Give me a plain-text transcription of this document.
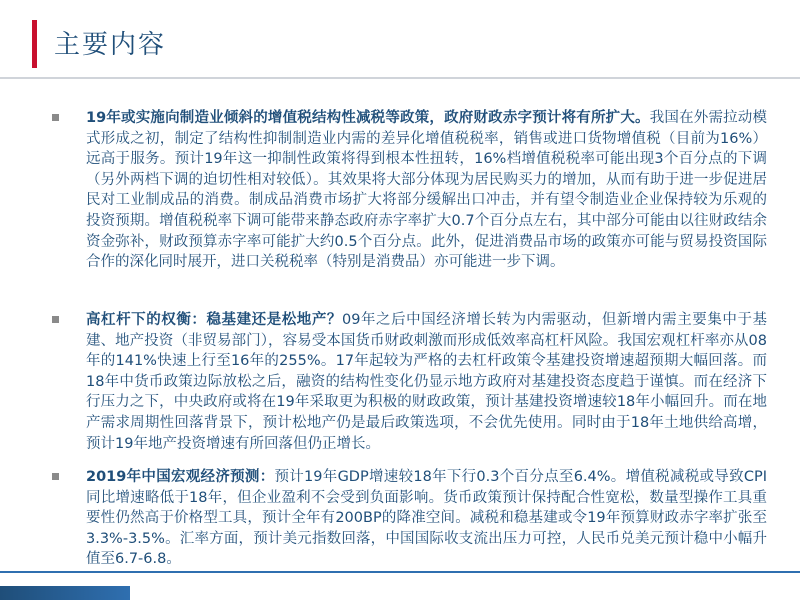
主要内容
19年或实施向制造业倾斜的增值税结构性减税等政策，政府财政赤字预计将有所扩大。我国在外需拉动模式形成之初，制定了结构性抑制制造业内需的差异化增值税税率，销售或进口货物增值税（目前为16%）远高于服务。预计19年这一抑制性政策将得到根本性扭转，16%档增值税税率可能出现3个百分点的下调（另外两档下调的迫切性相对较低）。其效果将大部分体现为居民购买力的增加，从而有助于进一步促进居民对工业制成品的消费。制成品消费市场扩大将部分缓解出口冲击，并有望令制造业企业保持较为乐观的投资预期。增值税税率下调可能带来静态政府赤字率扩大0.7个百分点左右，其中部分可能由以往财政结余资金弥补，财政预算赤字率可能扩大约0.5个百分点。此外，促进消费品市场的政策亦可能与贸易投资国际合作的深化同时展开，进口关税税率（特别是消费品）亦可能进一步下调。
高杠杆下的权衡：稳基建还是松地产？09年之后中国经济增长转为内需驱动，但新增内需主要集中于基建、地产投资（非贸易部门），容易受本国货币财政刺激而形成低效率高杠杆风险。我国宏观杠杆率亦从08年的141%快速上行至16年的255%。17年起较为严格的去杠杆政策令基建投资增速超预期大幅回落。而18年中货币政策边际放松之后，融资的结构性变化仍显示地方政府对基建投资态度趋于谨慎。而在经济下行压力之下，中央政府或将在19年采取更为积极的财政政策，预计基建投资增速较18年小幅回升。而在地产需求周期性回落背景下，预计松地产仍是最后政策选项，不会优先使用。同时由于18年土地供给高增，预计19年地产投资增速有所回落但仍正增长。
2019年中国宏观经济预测：预计19年GDP增速较18年下行0.3个百分点至6.4%。增值税减税或导致CPI同比增速略低于18年，但企业盈利不会受到负面影响。货币政策预计保持配合性宽松，数量型操作工具重要性仍然高于价格型工具，预计全年有200BP的降准空间。减税和稳基建或令19年预算财政赤字率扩张至3.3%-3.5%。汇率方面，预计美元指数回落，中国国际收支流出压力可控，人民币兑美元预计稳中小幅升值至6.7-6.8。
